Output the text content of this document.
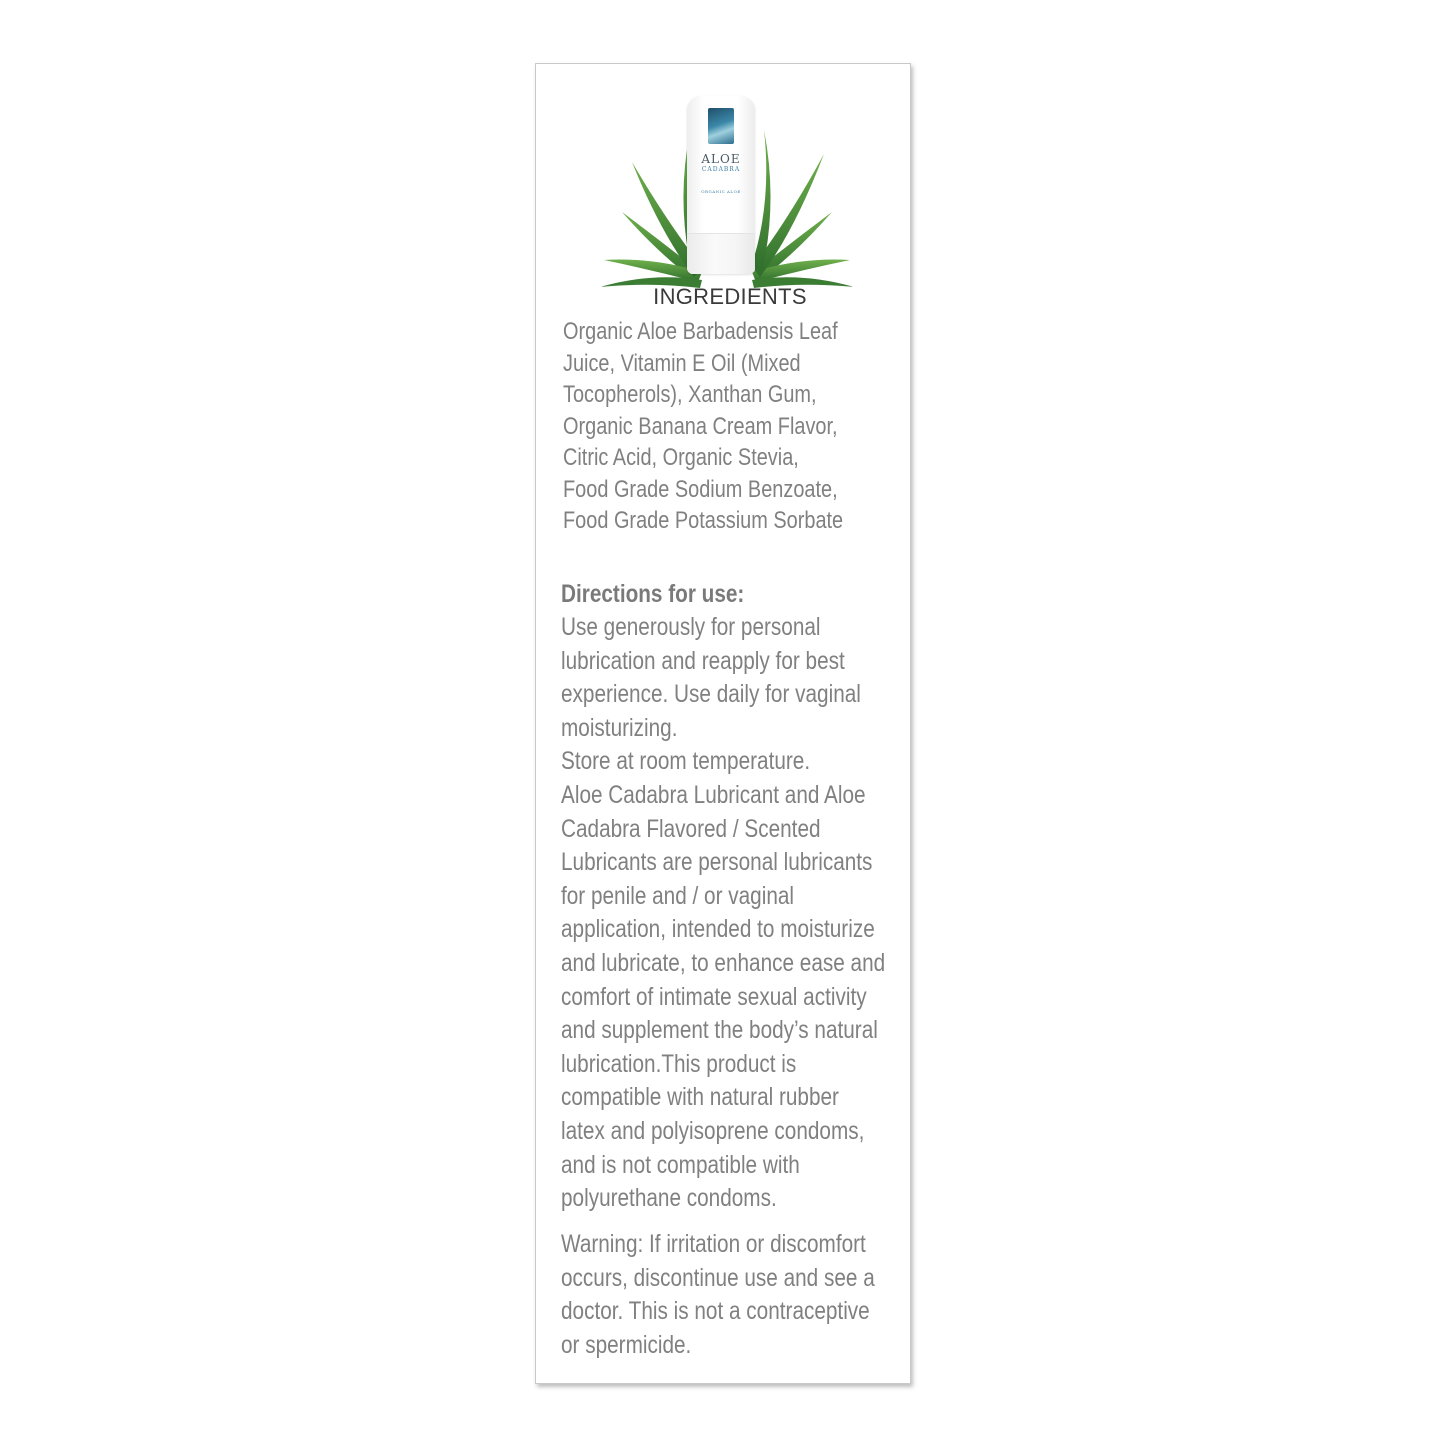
ALOE
CADABRA
ORGANIC ALOE
INGREDIENTS
Organic Aloe Barbadensis Leaf
Juice, Vitamin E Oil (Mixed
Tocopherols), Xanthan Gum,
Organic Banana Cream Flavor,
Citric Acid, Organic Stevia,
Food Grade Sodium Benzoate,
Food Grade Potassium Sorbate
Directions for use:
Use generously for personal
lubrication and reapply for best
experience. Use daily for vaginal
moisturizing.
Store at room temperature.
Aloe Cadabra Lubricant and Aloe
Cadabra Flavored / Scented
Lubricants are personal lubricants
for penile and / or vaginal
application, intended to moisturize
and lubricate, to enhance ease and
comfort of intimate sexual activity
and supplement the body’s natural
lubrication.This product is
compatible with natural rubber
latex and polyisoprene condoms,
and is not compatible with
polyurethane condoms.
Warning: If irritation or discomfort
occurs, discontinue use and see a
doctor. This is not a contraceptive
or spermicide.
